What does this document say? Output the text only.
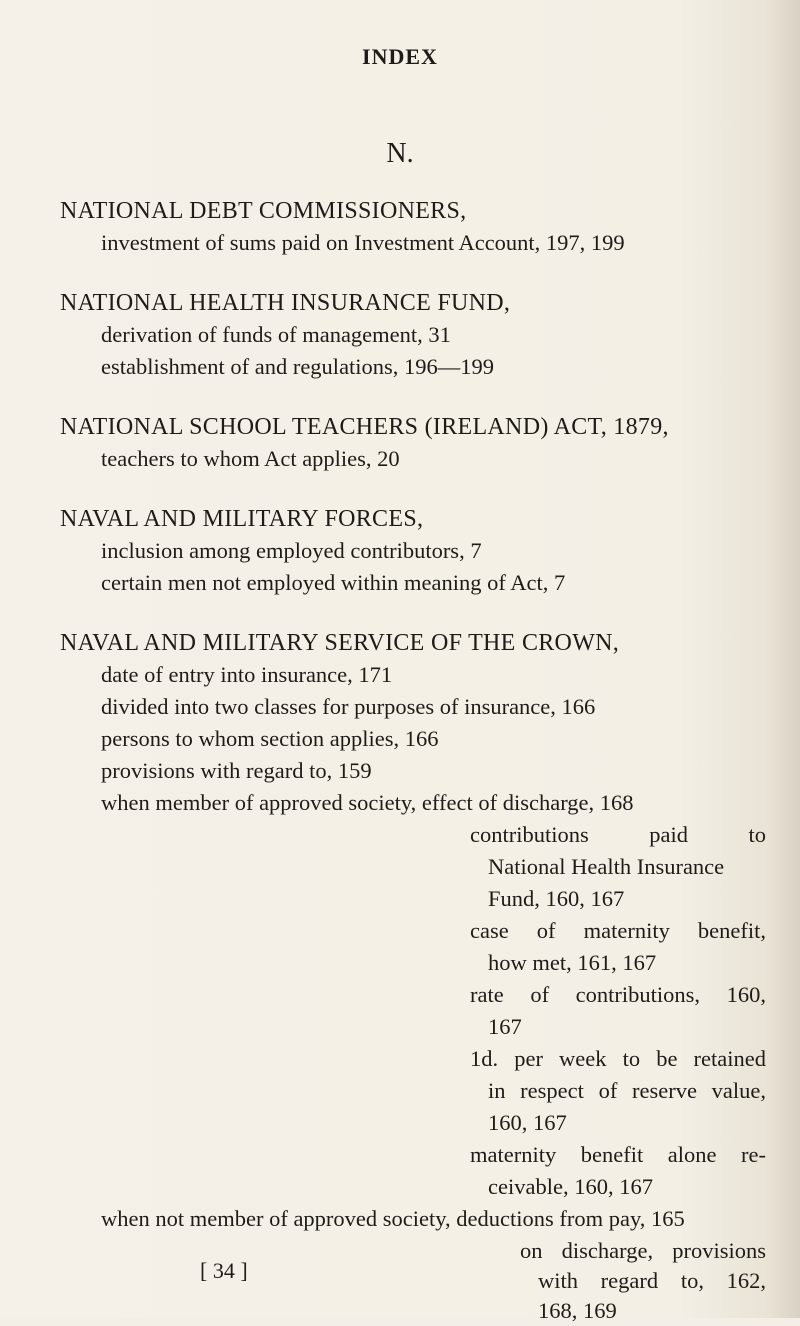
INDEX
N.
NATIONAL DEBT COMMISSIONERS,
investment of sums paid on Investment Account, 197, 199
NATIONAL HEALTH INSURANCE FUND,
derivation of funds of management, 31
establishment of and regulations, 196—199
NATIONAL SCHOOL TEACHERS (IRELAND) ACT, 1879,
teachers to whom Act applies, 20
NAVAL AND MILITARY FORCES,
inclusion among employed contributors, 7
certain men not employed within meaning of Act, 7
NAVAL AND MILITARY SERVICE OF THE CROWN,
date of entry into insurance, 171
divided into two classes for purposes of insurance, 166
persons to whom section applies, 166
provisions with regard to, 159
when member of approved society, effect of discharge, 168
contributions paid to
National Health Insurance
Fund, 160, 167
case of maternity benefit,
how met, 161, 167
rate of contributions, 160,
167
1d. per week to be retained
in respect of reserve value,
160, 167
maternity benefit alone re-
ceivable, 160, 167
when not member of approved society, deductions from pay, 165
on discharge, provisions
with regard to, 162,
168, 169
[ 34 ]
